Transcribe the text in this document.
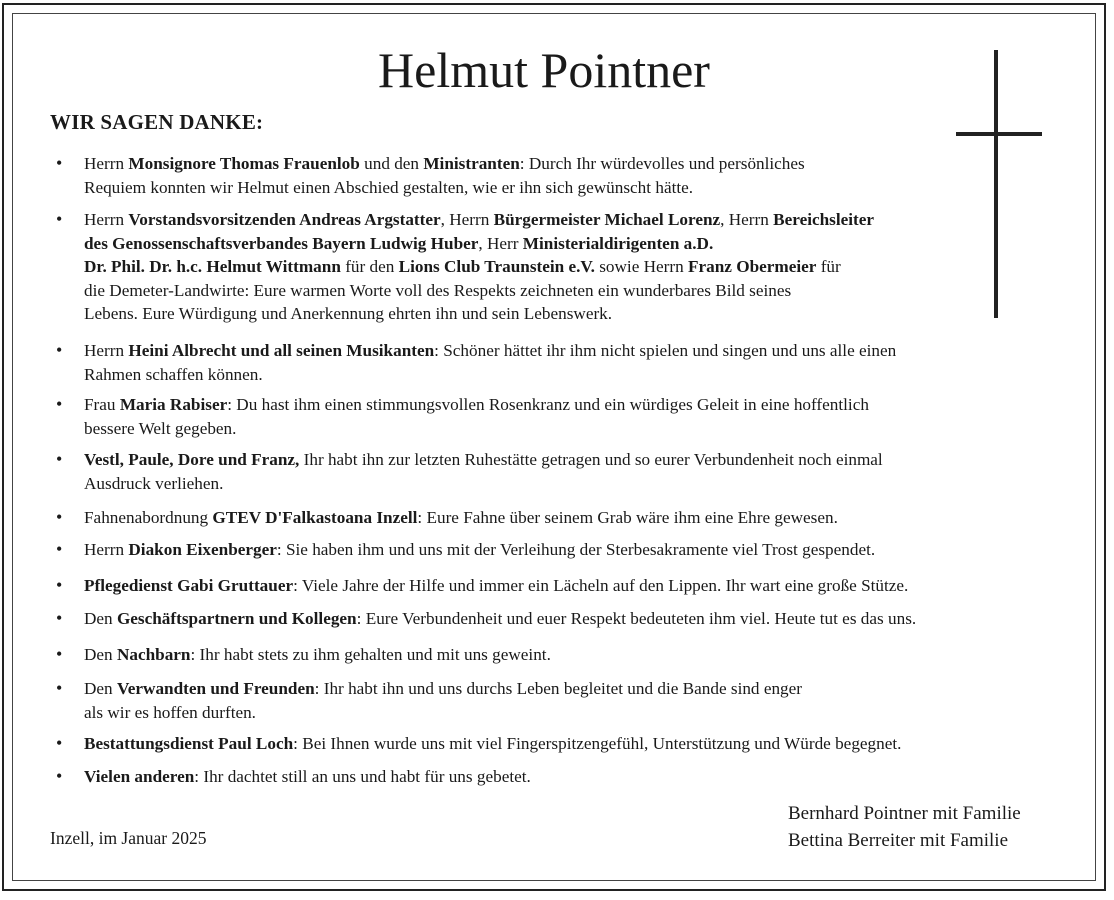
Helmut Pointner
WIR SAGEN DANKE:
• Herrn Monsignore Thomas Frauenlob und den Ministranten: Durch Ihr würdevolles und persönliches
Requiem konnten wir Helmut einen Abschied gestalten, wie er ihn sich gewünscht hätte.
• Herrn Vorstandsvorsitzenden Andreas Argstatter, Herrn Bürgermeister Michael Lorenz, Herrn Bereichsleiter
des Genossenschaftsverbandes Bayern Ludwig Huber, Herr Ministerialdirigenten a.D.
Dr. Phil. Dr. h.c. Helmut Wittmann für den Lions Club Traunstein e.V. sowie Herrn Franz Obermeier für
die Demeter-Landwirte: Eure warmen Worte voll des Respekts zeichneten ein wunderbares Bild seines
Lebens. Eure Würdigung und Anerkennung ehrten ihn und sein Lebenswerk.
• Herrn Heini Albrecht und all seinen Musikanten: Schöner hättet ihr ihm nicht spielen und singen und uns alle einen
Rahmen schaffen können.
• Frau Maria Rabiser: Du hast ihm einen stimmungsvollen Rosenkranz und ein würdiges Geleit in eine hoffentlich
bessere Welt gegeben.
• Vestl, Paule, Dore und Franz, Ihr habt ihn zur letzten Ruhestätte getragen und so eurer Verbundenheit noch einmal
Ausdruck verliehen.
• Fahnenabordnung GTEV D'Falkastoana Inzell: Eure Fahne über seinem Grab wäre ihm eine Ehre gewesen.
• Herrn Diakon Eixenberger: Sie haben ihm und uns mit der Verleihung der Sterbesakramente viel Trost gespendet.
• Pflegedienst Gabi Gruttauer: Viele Jahre der Hilfe und immer ein Lächeln auf den Lippen. Ihr wart eine große Stütze.
• Den Geschäftspartnern und Kollegen: Eure Verbundenheit und euer Respekt bedeuteten ihm viel. Heute tut es das uns.
• Den Nachbarn: Ihr habt stets zu ihm gehalten und mit uns geweint.
• Den Verwandten und Freunden: Ihr habt ihn und uns durchs Leben begleitet und die Bande sind enger
als wir es hoffen durften.
• Bestattungsdienst Paul Loch: Bei Ihnen wurde uns mit viel Fingerspitzengefühl, Unterstützung und Würde begegnet.
• Vielen anderen: Ihr dachtet still an uns und habt für uns gebetet.
Inzell, im Januar 2025
Bernhard Pointner mit Familie
Bettina Berreiter mit Familie
